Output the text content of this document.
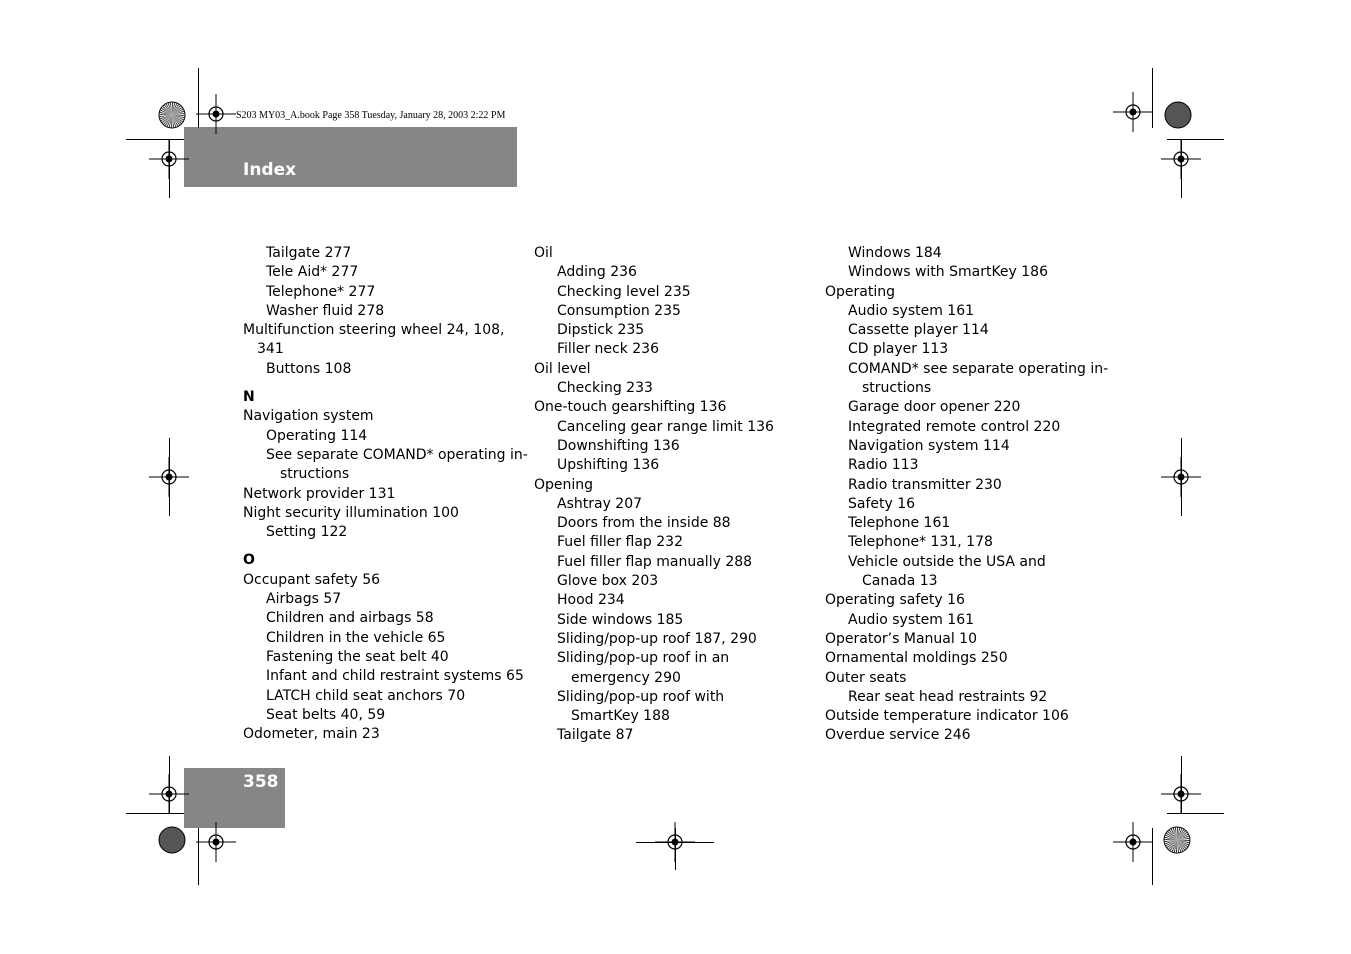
S203 MY03_A.book Page 358 Tuesday, January 28, 2003 2:22 PM
Index
358
Tailgate 277
Tele Aid* 277
Telephone* 277
Washer fluid 278
Multifunction steering wheel 24, 108,
341
Buttons 108
N
Navigation system
Operating 114
See separate COMAND* operating in-
structions
Network provider 131
Night security illumination 100
Setting 122
O
Occupant safety 56
Airbags 57
Children and airbags 58
Children in the vehicle 65
Fastening the seat belt 40
Infant and child restraint systems 65
LATCH child seat anchors 70
Seat belts 40, 59
Odometer, main 23
Oil
Adding 236
Checking level 235
Consumption 235
Dipstick 235
Filler neck 236
Oil level
Checking 233
One-touch gearshifting 136
Canceling gear range limit 136
Downshifting 136
Upshifting 136
Opening
Ashtray 207
Doors from the inside 88
Fuel filler flap 232
Fuel filler flap manually 288
Glove box 203
Hood 234
Side windows 185
Sliding/pop-up roof 187, 290
Sliding/pop-up roof in an
emergency 290
Sliding/pop-up roof with
SmartKey 188
Tailgate 87
Windows 184
Windows with SmartKey 186
Operating
Audio system 161
Cassette player 114
CD player 113
COMAND* see separate operating in-
structions
Garage door opener 220
Integrated remote control 220
Navigation system 114
Radio 113
Radio transmitter 230
Safety 16
Telephone 161
Telephone* 131, 178
Vehicle outside the USA and
Canada 13
Operating safety 16
Audio system 161
Operator’s Manual 10
Ornamental moldings 250
Outer seats
Rear seat head restraints 92
Outside temperature indicator 106
Overdue service 246
